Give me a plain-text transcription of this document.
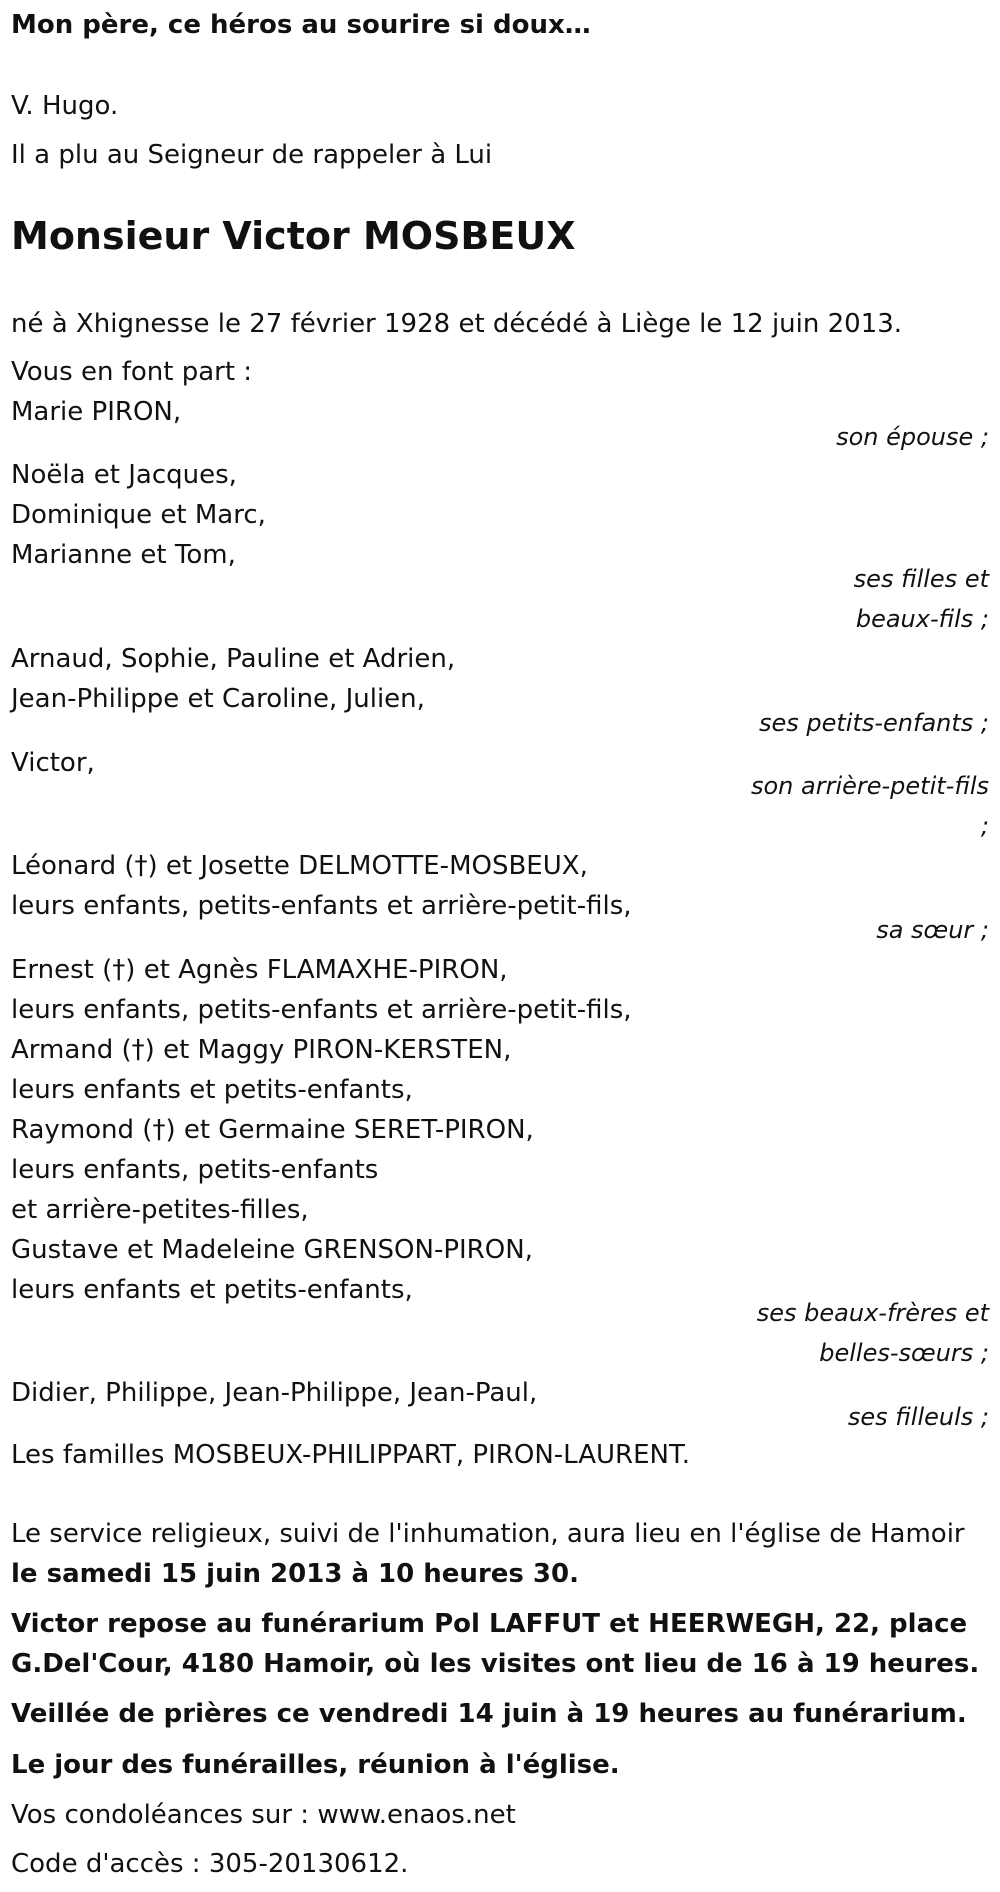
Mon père, ce héros au sourire si doux…
V. Hugo.
Il a plu au Seigneur de rappeler à Lui
Monsieur Victor MOSBEUX
né à Xhignesse le 27 février 1928 et décédé à Liège le 12 juin 2013.
Vous en font part :
Marie PIRON,
son épouse ;
Noëla et Jacques,
Dominique et Marc,
Marianne et Tom,
ses filles et
beaux-fils ;
Arnaud, Sophie, Pauline et Adrien,
Jean-Philippe et Caroline, Julien,
ses petits-enfants ;
Victor,
son arrière-petit-fils
;
Léonard (†) et Josette DELMOTTE-MOSBEUX,
leurs enfants, petits-enfants et arrière-petit-fils,
sa sœur ;
Ernest (†) et Agnès FLAMAXHE-PIRON,
leurs enfants, petits-enfants et arrière-petit-fils,
Armand (†) et Maggy PIRON-KERSTEN,
leurs enfants et petits-enfants,
Raymond (†) et Germaine SERET-PIRON,
leurs enfants, petits-enfants
et arrière-petites-filles,
Gustave et Madeleine GRENSON-PIRON,
leurs enfants et petits-enfants,
ses beaux-frères et
belles-sœurs ;
Didier, Philippe, Jean-Philippe, Jean-Paul,
ses filleuls ;
Les familles MOSBEUX-PHILIPPART, PIRON-LAURENT.
Le service religieux, suivi de l'inhumation, aura lieu en l'église de Hamoir
le samedi 15 juin 2013 à 10 heures 30.
Victor repose au funérarium Pol LAFFUT et HEERWEGH, 22, place
G.Del'Cour, 4180 Hamoir, où les visites ont lieu de 16 à 19 heures.
Veillée de prières ce vendredi 14 juin à 19 heures au funérarium.
Le jour des funérailles, réunion à l'église.
Vos condoléances sur : www.enaos.net
Code d'accès : 305-20130612.
